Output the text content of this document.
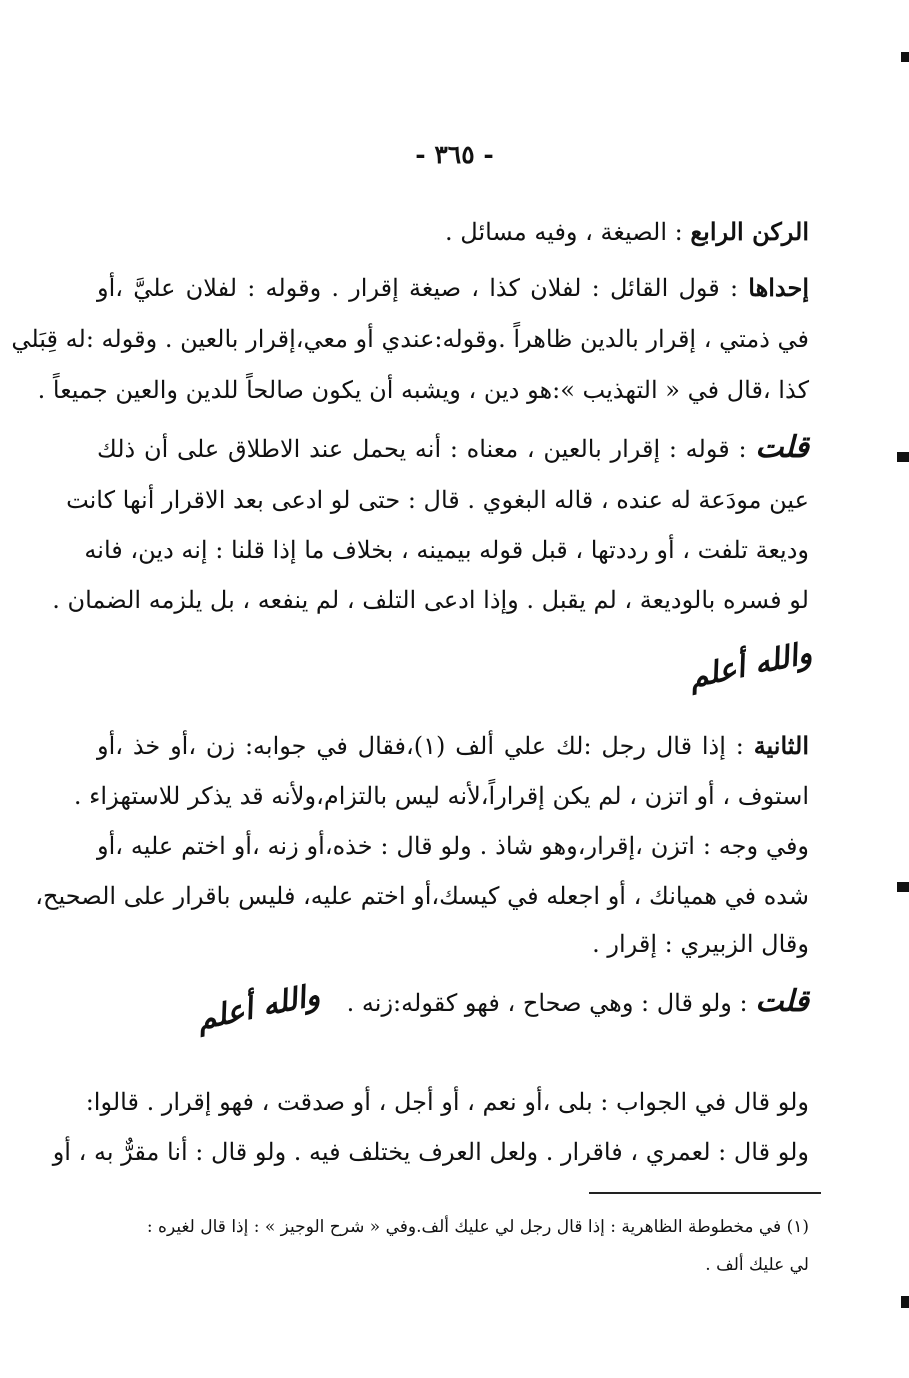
- ٣٦٥ -
الركن الرابع : الصيغة ، وفيه مسائل .
إحداها : قول القائل : لفلان كذا ، صيغة إقرار . وقوله : لفلان عليَّ ،أو
في ذمتي ، إقرار بالدين ظاهراً .وقوله:عندي أو معي،إقرار بالعين . وقوله :له قِبَلي
كذا ،قال في « التهذيب »:هو دين ، ويشبه أن يكون صالحاً للدين والعين جميعاً .
قلت : قوله : إقرار بالعين ، معناه : أنه يحمل عند الاطلاق على أن ذلك
عين مودَعة له عنده ، قاله البغوي . قال : حتى لو ادعى بعد الاقرار أنها كانت
وديعة تلفت ، أو رددتها ، قبل قوله بيمينه ، بخلاف ما إذا قلنا : إنه دين، فانه
لو فسره بالوديعة ، لم يقبل . وإذا ادعى التلف ، لم ينفعه ، بل يلزمه الضمان .
والله أعلم
الثانية : إذا قال رجل :لك علي ألف (١)،فقال في جوابه: زن ،أو خذ ،أو
استوف ، أو اتزن ، لم يكن إقراراً،لأنه ليس بالتزام،ولأنه قد يذكر للاستهزاء .
وفي وجه : اتزن ،إقرار،وهو شاذ . ولو قال : خذه،أو زنه ،أو اختم عليه ،أو
شده في هميانك ، أو اجعله في كيسك،أو اختم عليه، فليس باقرار على الصحيح،
وقال الزبيري : إقرار .
قلت : ولو قال : وهي صحاح ، فهو كقوله:زنه .
والله أعلم
ولو قال في الجواب : بلى ،أو نعم ، أو أجل ، أو صدقت ، فهو إقرار . قالوا:
ولو قال : لعمري ، فاقرار . ولعل العرف يختلف فيه . ولو قال : أنا مقرٌّ به ، أو
(١) في مخطوطة الظاهرية : إذا قال رجل لي عليك ألف.وفي « شرح الوجيز » : إذا قال لغيره :
لي عليك ألف .
